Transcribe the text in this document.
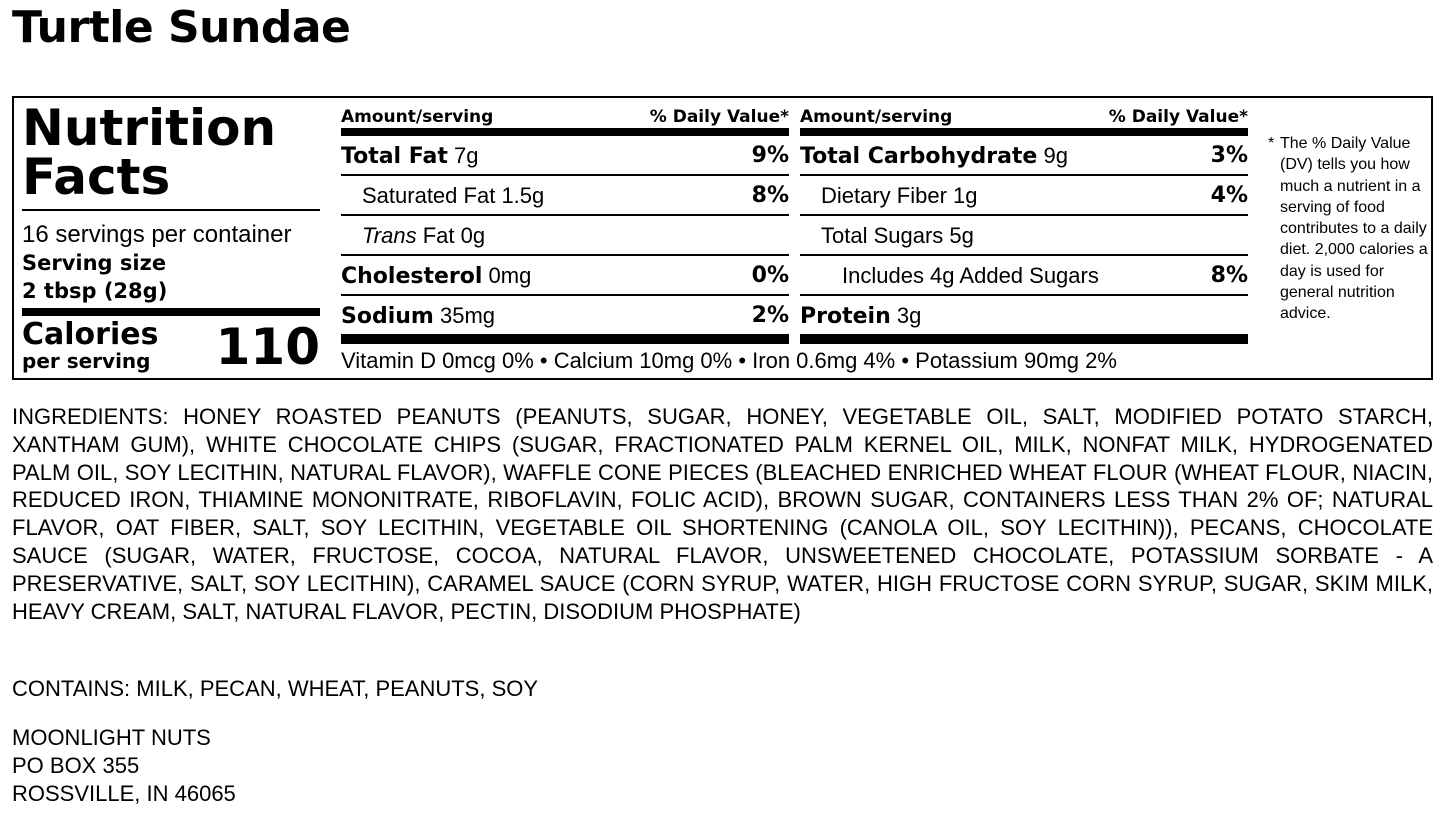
Turtle Sundae
Nutrition
Facts
16 servings per container
Serving size
2 tbsp (28g)
Calories
per serving 110
Amount/serving	% Daily Value*
Total Fat 7g	9%
Saturated Fat 1.5g	8%
Trans Fat 0g
Cholesterol 0mg	0%
Sodium 35mg	2%
Amount/serving	% Daily Value*
Total Carbohydrate 9g	3%
Dietary Fiber 1g	4%
Total Sugars 5g
Includes 4g Added Sugars	8%
Protein 3g
Vitamin D 0mcg 0% • Calcium 10mg 0% • Iron 0.6mg 4% • Potassium 90mg 2%
* The % Daily Value (DV) tells you how much a nutrient in a serving of food contributes to a daily diet. 2,000 calories a day is used for general nutrition advice.
INGREDIENTS: HONEY ROASTED PEANUTS (PEANUTS, SUGAR, HONEY, VEGETABLE OIL, SALT, MODIFIED POTATO STARCH, XANTHAM GUM), WHITE CHOCOLATE CHIPS (SUGAR, FRACTIONATED PALM KERNEL OIL, MILK, NONFAT MILK, HYDROGENATED PALM OIL, SOY LECITHIN, NATURAL FLAVOR), WAFFLE CONE PIECES (BLEACHED ENRICHED WHEAT FLOUR (WHEAT FLOUR, NIACIN, REDUCED IRON, THIAMINE MONONITRATE, RIBOFLAVIN, FOLIC ACID), BROWN SUGAR, CONTAINERS LESS THAN 2% OF; NATURAL FLAVOR, OAT FIBER, SALT, SOY LECITHIN, VEGETABLE OIL SHORTENING (CANOLA OIL, SOY LECITHIN)), PECANS, CHOCOLATE SAUCE (SUGAR, WATER, FRUCTOSE, COCOA, NATURAL FLAVOR, UNSWEETENED CHOCOLATE, POTASSIUM SORBATE - A PRESERVATIVE, SALT, SOY LECITHIN), CARAMEL SAUCE (CORN SYRUP, WATER, HIGH FRUCTOSE CORN SYRUP, SUGAR, SKIM MILK, HEAVY CREAM, SALT, NATURAL FLAVOR, PECTIN, DISODIUM PHOSPHATE)
CONTAINS: MILK, PECAN, WHEAT, PEANUTS, SOY
MOONLIGHT NUTS
PO BOX 355
ROSSVILLE, IN 46065
